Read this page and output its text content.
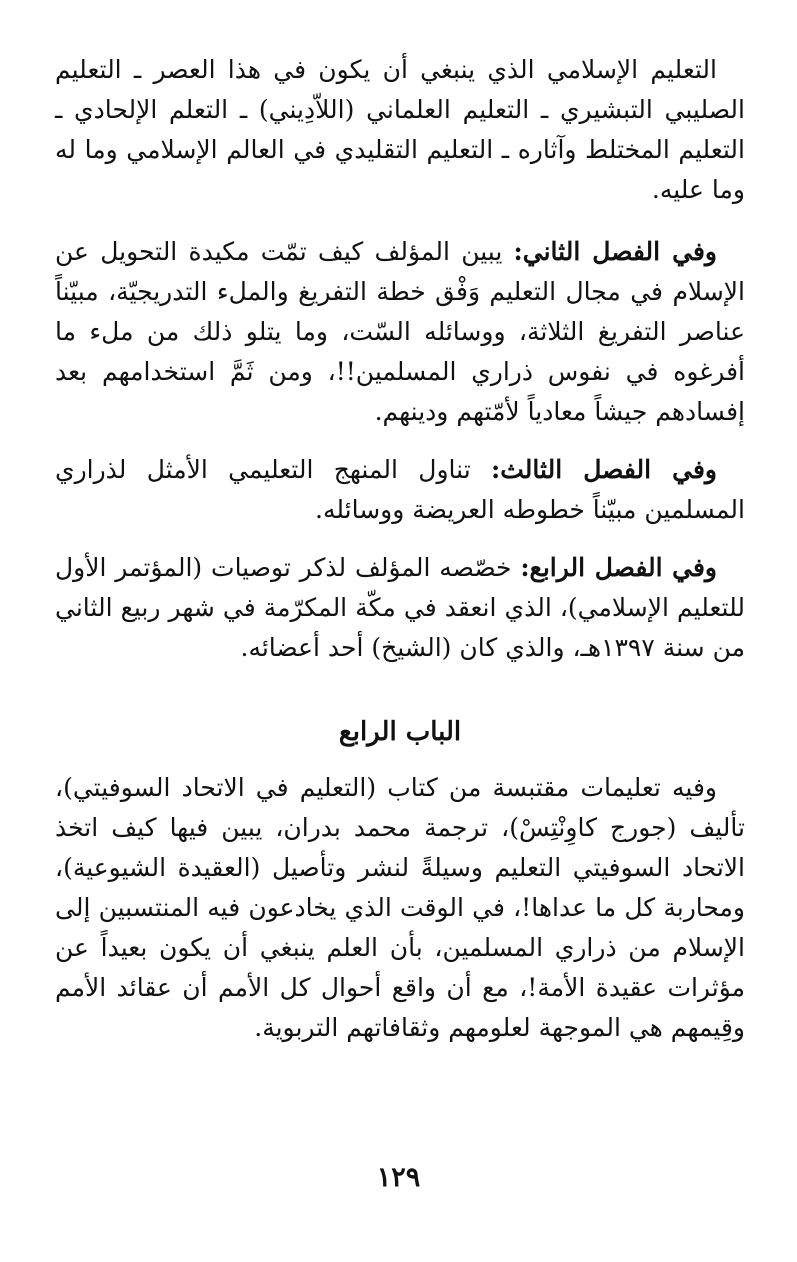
التعليم الإسلامي الذي ينبغي أن يكون في هذا العصر ـ التعليم الصليبي التبشيري ـ التعليم العلماني (اللاّدِيني) ـ التعلم الإلحادي ـ التعليم المختلط وآثاره ـ التعليم التقليدي في العالم الإسلامي وما له وما عليه.

وفي الفصل الثاني: يبين المؤلف كيف تمّت مكيدة التحويل عن الإسلام في مجال التعليم وَفْق خطة التفريغ والملء التدريجيّة، مبيّناً عناصر التفريغ الثلاثة، ووسائله السّت، وما يتلو ذلك من ملء ما أفرغوه في نفوس ذراري المسلمين!!، ومن ثَمَّ استخدامهم بعد إفسادهم جيشاً معادياً لأمّتهم ودينهم.

وفي الفصل الثالث: تناول المنهج التعليمي الأمثل لذراري المسلمين مبيّناً خطوطه العريضة ووسائله.

وفي الفصل الرابع: خصّصه المؤلف لذكر توصيات (المؤتمر الأول للتعليم الإسلامي)، الذي انعقد في مكّة المكرّمة في شهر ربيع الثاني من سنة ١٣٩٧هـ، والذي كان (الشيخ) أحد أعضائه.

الباب الرابع

وفيه تعليمات مقتبسة من كتاب (التعليم في الاتحاد السوفيتي)، تأليف (جورج كاوِنْتِسْ)، ترجمة محمد بدران، يبين فيها كيف اتخذ الاتحاد السوفيتي التعليم وسيلةً لنشر وتأصيل (العقيدة الشيوعية)، ومحاربة كل ما عداها!، في الوقت الذي يخادعون فيه المنتسبين إلى الإسلام من ذراري المسلمين، بأن العلم ينبغي أن يكون بعيداً عن مؤثرات عقيدة الأمة!، مع أن واقع أحوال كل الأمم أن عقائد الأمم وقِيمهم هي الموجهة لعلومهم وثقافاتهم التربوية.

١٢٩
